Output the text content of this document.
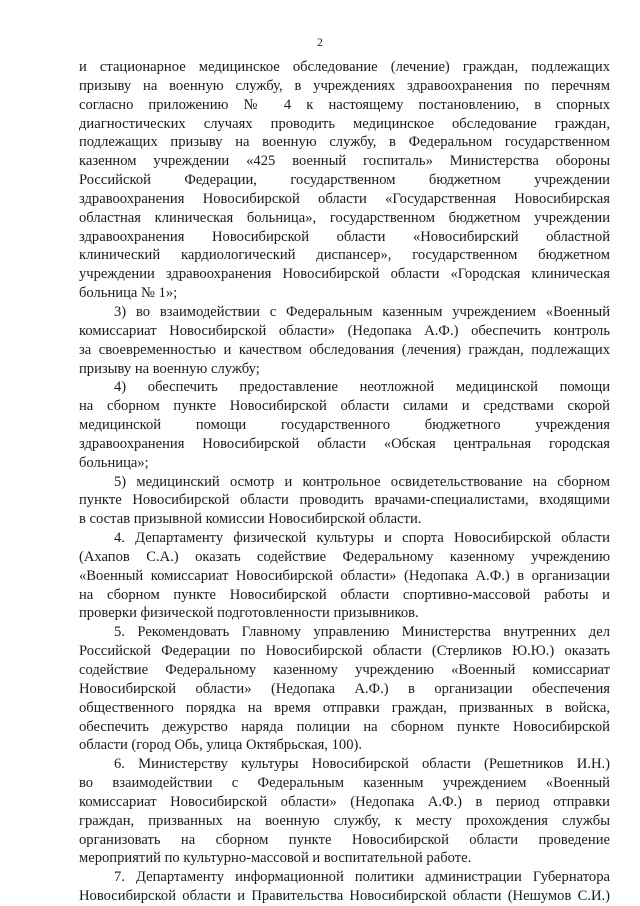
2
и стационарное медицинское обследование (лечение) граждан, подлежащих
призыву на военную службу, в учреждениях здравоохранения по перечням
согласно приложению № 4 к настоящему постановлению, в спорных
диагностических случаях проводить медицинское обследование граждан,
подлежащих призыву на военную службу, в Федеральном государственном
казенном учреждении «425 военный госпиталь» Министерства обороны
Российской Федерации, государственном бюджетном учреждении
здравоохранения Новосибирской области «Государственная Новосибирская
областная клиническая больница», государственном бюджетном учреждении
здравоохранения Новосибирской области «Новосибирский областной
клинический кардиологический диспансер», государственном бюджетном
учреждении здравоохранения Новосибирской области «Городская клиническая
больница № 1»;
3) во взаимодействии с Федеральным казенным учреждением «Военный
комиссариат Новосибирской области» (Недопака А.Ф.) обеспечить контроль
за своевременностью и качеством обследования (лечения) граждан, подлежащих
призыву на военную службу;
4) обеспечить предоставление неотложной медицинской помощи
на сборном пункте Новосибирской области силами и средствами скорой
медицинской помощи государственного бюджетного учреждения
здравоохранения Новосибирской области «Обская центральная городская
больница»;
5) медицинский осмотр и контрольное освидетельствование на сборном
пункте Новосибирской области проводить врачами-специалистами, входящими
в состав призывной комиссии Новосибирской области.
4. Департаменту физической культуры и спорта Новосибирской области
(Ахапов С.А.) оказать содействие Федеральному казенному учреждению
«Военный комиссариат Новосибирской области» (Недопака А.Ф.) в организации
на сборном пункте Новосибирской области спортивно-массовой работы и
проверки физической подготовленности призывников.
5. Рекомендовать Главному управлению Министерства внутренних дел
Российской Федерации по Новосибирской области (Стерликов Ю.Ю.) оказать
содействие Федеральному казенному учреждению «Военный комиссариат
Новосибирской области» (Недопака А.Ф.) в организации обеспечения
общественного порядка на время отправки граждан, призванных в войска,
обеспечить дежурство наряда полиции на сборном пункте Новосибирской
области (город Обь, улица Октябрьская, 100).
6. Министерству культуры Новосибирской области (Решетников И.Н.)
во взаимодействии с Федеральным казенным учреждением «Военный
комиссариат Новосибирской области» (Недопака А.Ф.) в период отправки
граждан, призванных на военную службу, к месту прохождения службы
организовать на сборном пункте Новосибирской области проведение
мероприятий по культурно-массовой и воспитательной работе.
7. Департаменту информационной политики администрации Губернатора
Новосибирской области и Правительства Новосибирской области (Нешумов С.И.)
